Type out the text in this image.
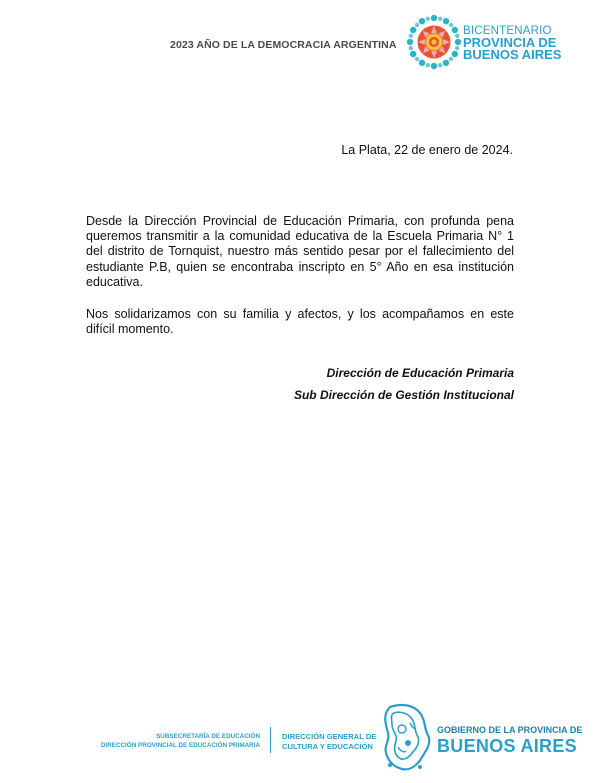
2023 AÑO DE LA DEMOCRACIA ARGENTINA
BICENTENARIO
PROVINCIA DE
BUENOS AIRES
La Plata, 22 de enero de 2024.
Desde la Dirección Provincial de Educación Primaria, con profunda pena queremos transmitir a la comunidad educativa de la Escuela Primaria N° 1 del distrito de Tornquist, nuestro más sentido pesar por el fallecimiento del estudiante P.B, quien se encontraba inscripto en 5° Año en esa institución educativa.
Nos solidarizamos con su familia y afectos, y los acompañamos en este difícil momento.
Dirección de Educación Primaria
Sub Dirección de Gestión Institucional
SUBSECRETARÍA DE EDUCACIÓN
DIRECCIÓN PROVINCIAL DE EDUCACIÓN PRIMARIA
DIRECCIÓN GENERAL DE
CULTURA Y EDUCACIÓN
GOBIERNO DE LA PROVINCIA DE
BUENOS AIRES
